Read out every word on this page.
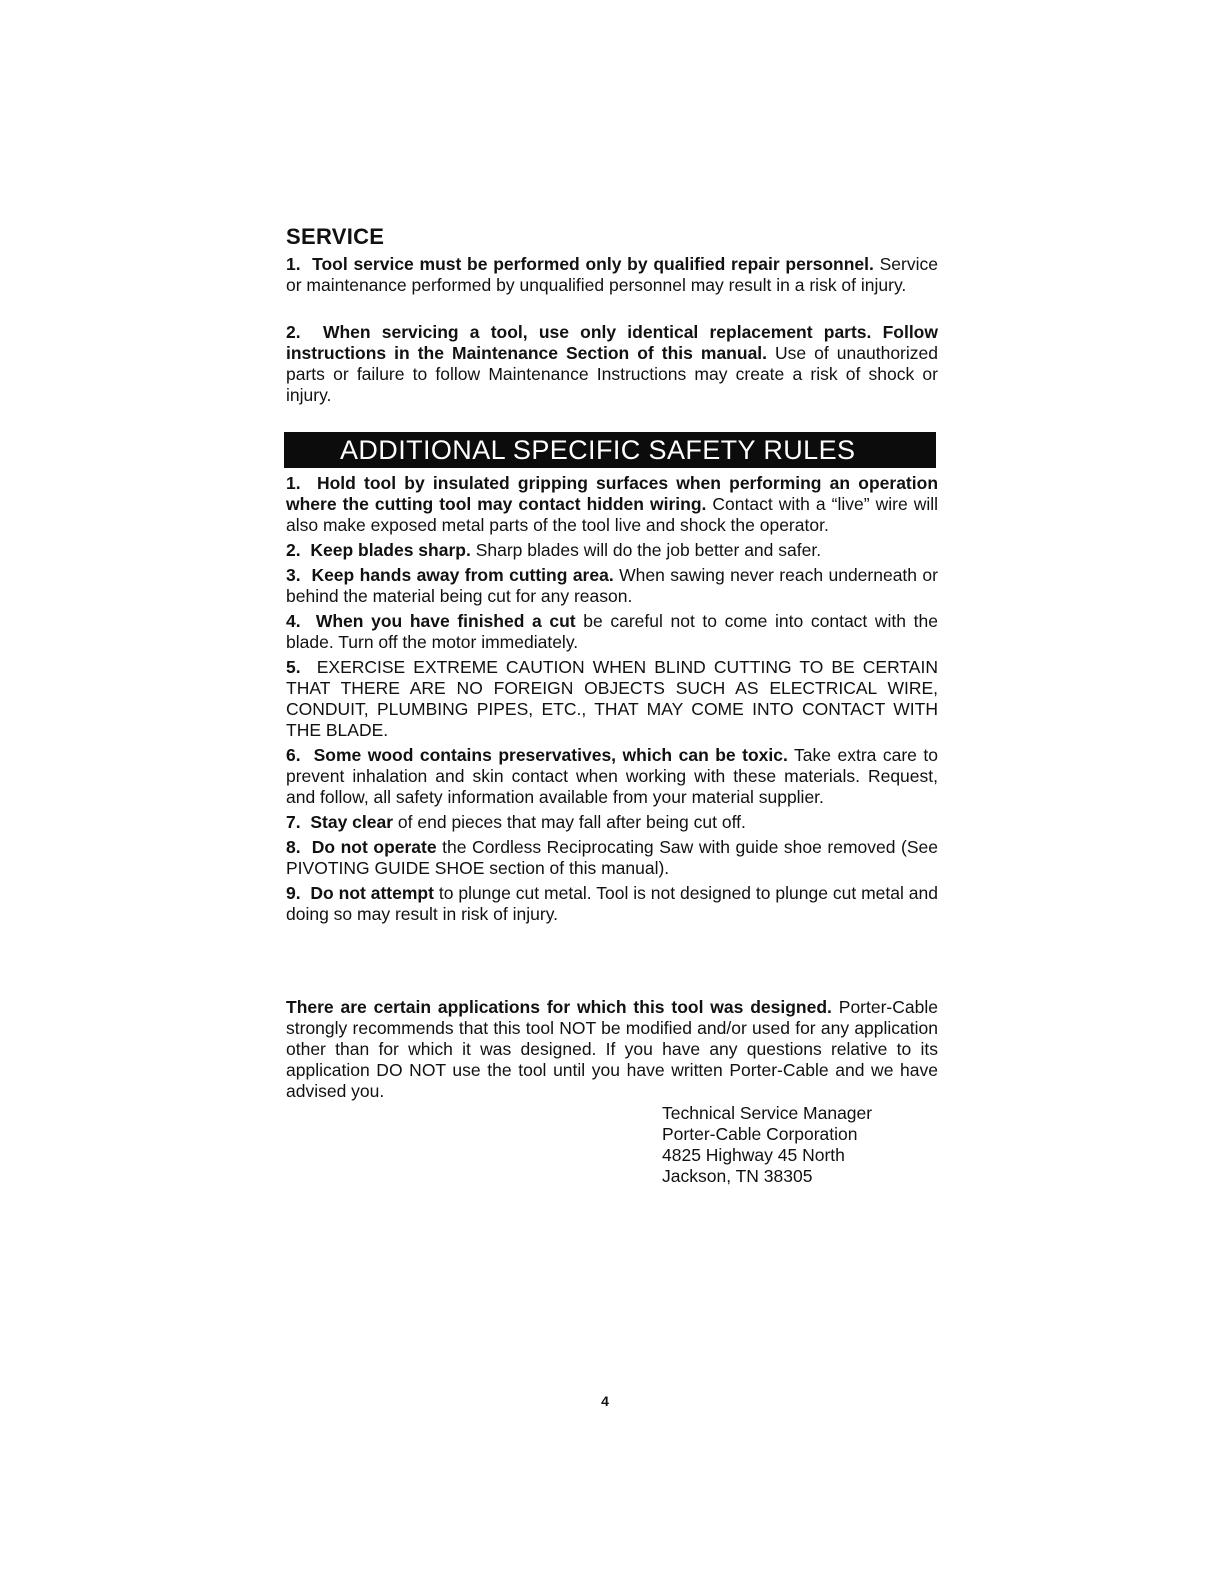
SERVICE

1. Tool service must be performed only by qualified repair personnel. Service or maintenance performed by unqualified personnel may result in a risk of injury.

2. When servicing a tool, use only identical replacement parts. Follow instructions in the Maintenance Section of this manual. Use of unauthorized parts or failure to follow Maintenance Instructions may create a risk of shock or injury.

ADDITIONAL SPECIFIC SAFETY RULES

1. Hold tool by insulated gripping surfaces when performing an operation where the cutting tool may contact hidden wiring. Contact with a “live” wire will also make exposed metal parts of the tool live and shock the operator.

2. Keep blades sharp. Sharp blades will do the job better and safer.

3. Keep hands away from cutting area. When sawing never reach underneath or behind the material being cut for any reason.

4. When you have finished a cut be careful not to come into contact with the blade. Turn off the motor immediately.

5. EXERCISE EXTREME CAUTION WHEN BLIND CUTTING TO BE CERTAIN THAT THERE ARE NO FOREIGN OBJECTS SUCH AS ELECTRICAL WIRE, CONDUIT, PLUMBING PIPES, ETC., THAT MAY COME INTO CONTACT WITH THE BLADE.

6. Some wood contains preservatives, which can be toxic. Take extra care to prevent inhalation and skin contact when working with these materials. Request, and follow, all safety information available from your material supplier.

7. Stay clear of end pieces that may fall after being cut off.

8. Do not operate the Cordless Reciprocating Saw with guide shoe removed (See PIVOTING GUIDE SHOE section of this manual).

9. Do not attempt to plunge cut metal. Tool is not designed to plunge cut metal and doing so may result in risk of injury.

There are certain applications for which this tool was designed. Porter-Cable strongly recommends that this tool NOT be modified and/or used for any application other than for which it was designed. If you have any questions relative to its application DO NOT use the tool until you have written Porter-Cable and we have advised you.

Technical Service Manager
Porter-Cable Corporation
4825 Highway 45 North
Jackson, TN 38305
4
